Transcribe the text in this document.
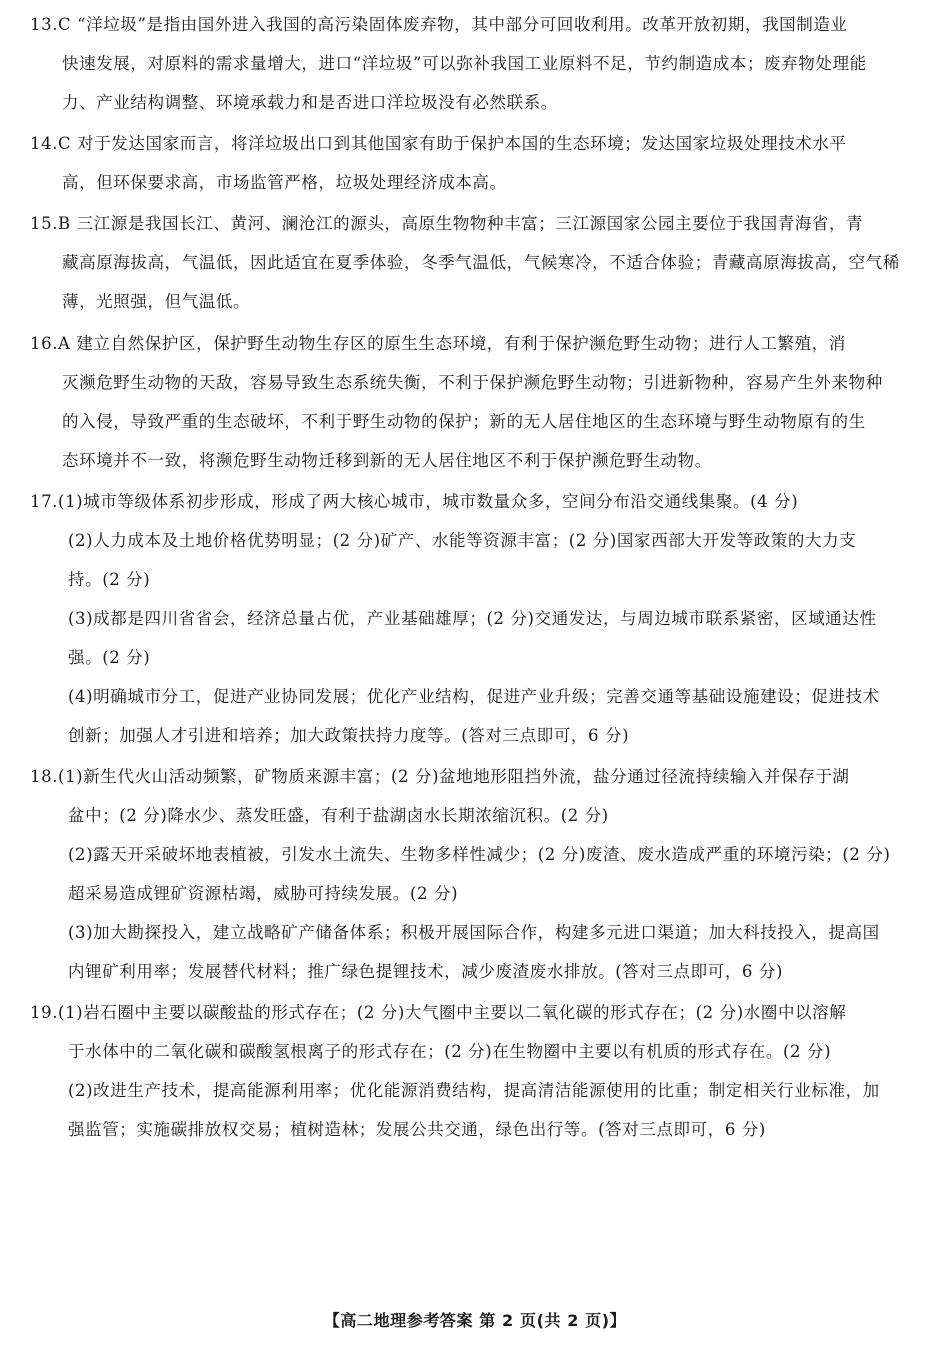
13.C “洋垃圾”是指由国外进入我国的高污染固体废弃物，其中部分可回收利用。改革开放初期，我国制造业
快速发展，对原料的需求量增大，进口“洋垃圾”可以弥补我国工业原料不足，节约制造成本；废弃物处理能
力、产业结构调整、环境承载力和是否进口洋垃圾没有必然联系。
14.C 对于发达国家而言，将洋垃圾出口到其他国家有助于保护本国的生态环境；发达国家垃圾处理技术水平
高，但环保要求高，市场监管严格，垃圾处理经济成本高。
15.B 三江源是我国长江、黄河、澜沧江的源头，高原生物物种丰富；三江源国家公园主要位于我国青海省，青
藏高原海拔高，气温低，因此适宜在夏季体验，冬季气温低，气候寒冷，不适合体验；青藏高原海拔高，空气稀
薄，光照强，但气温低。
16.A 建立自然保护区，保护野生动物生存区的原生生态环境，有利于保护濒危野生动物；进行人工繁殖，消
灭濒危野生动物的天敌，容易导致生态系统失衡，不利于保护濒危野生动物；引进新物种，容易产生外来物种
的入侵，导致严重的生态破坏，不利于野生动物的保护；新的无人居住地区的生态环境与野生动物原有的生
态环境并不一致，将濒危野生动物迁移到新的无人居住地区不利于保护濒危野生动物。
17.(1)城市等级体系初步形成，形成了两大核心城市，城市数量众多，空间分布沿交通线集聚。(4 分)
(2)人力成本及土地价格优势明显；(2 分)矿产、水能等资源丰富；(2 分)国家西部大开发等政策的大力支
持。(2 分)
(3)成都是四川省省会，经济总量占优，产业基础雄厚；(2 分)交通发达，与周边城市联系紧密，区域通达性
强。(2 分)
(4)明确城市分工，促进产业协同发展；优化产业结构，促进产业升级；完善交通等基础设施建设；促进技术
创新；加强人才引进和培养；加大政策扶持力度等。(答对三点即可，6 分)
18.(1)新生代火山活动频繁，矿物质来源丰富；(2 分)盆地地形阻挡外流，盐分通过径流持续输入并保存于湖
盆中；(2 分)降水少、蒸发旺盛，有利于盐湖卤水长期浓缩沉积。(2 分)
(2)露天开采破坏地表植被，引发水土流失、生物多样性减少；(2 分)废渣、废水造成严重的环境污染；(2 分)
超采易造成锂矿资源枯竭，威胁可持续发展。(2 分)
(3)加大勘探投入，建立战略矿产储备体系；积极开展国际合作，构建多元进口渠道；加大科技投入，提高国
内锂矿利用率；发展替代材料；推广绿色提锂技术，减少废渣废水排放。(答对三点即可，6 分)
19.(1)岩石圈中主要以碳酸盐的形式存在；(2 分)大气圈中主要以二氧化碳的形式存在；(2 分)水圈中以溶解
于水体中的二氧化碳和碳酸氢根离子的形式存在；(2 分)在生物圈中主要以有机质的形式存在。(2 分)
(2)改进生产技术，提高能源利用率；优化能源消费结构，提高清洁能源使用的比重；制定相关行业标准，加
强监管；实施碳排放权交易；植树造林；发展公共交通，绿色出行等。(答对三点即可，6 分)
【高二地理参考答案 第 2 页(共 2 页)】
